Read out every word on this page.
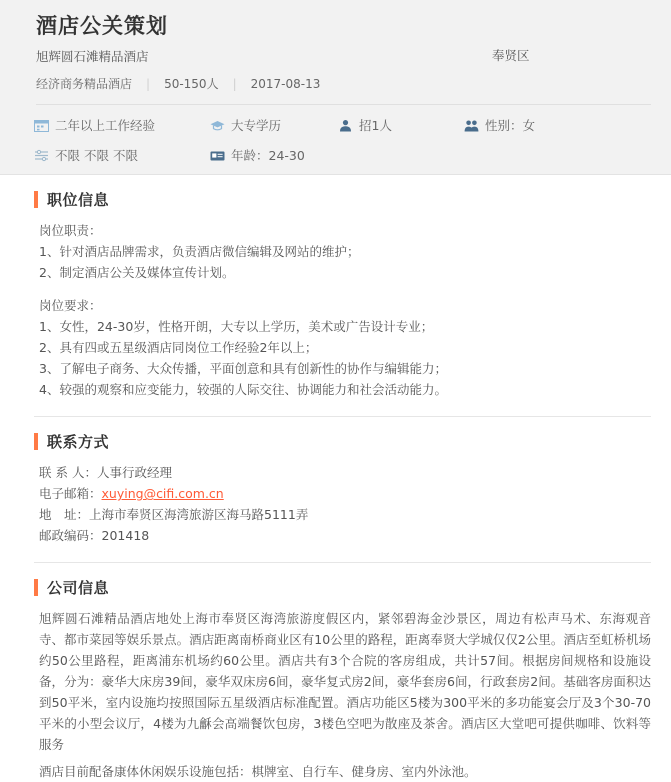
酒店公关策划
旭辉圆石滩精品酒店
经济商务精品酒店 | 50-150人 | 2017-08-13
奉贤区
二年以上工作经验	大专学历	招1人	性别：女
不限 不限 不限	年龄：24-30
职位信息

岗位职责：

1、针对酒店品牌需求，负责酒店微信编辑及网站的维护；

2、制定酒店公关及媒体宣传计划。

岗位要求：

1、女性，24-30岁，性格开朗，大专以上学历，美术或广告设计专业；

2、具有四或五星级酒店同岗位工作经验2年以上；

3、了解电子商务、大众传播，平面创意和具有创新性的协作与编辑能力；

4、较强的观察和应变能力，较强的人际交往、协调能力和社会活动能力。

联系方式
联 系 人：人事行政经理
电子邮箱：xuying@cifi.com.cn
地　址：上海市奉贤区海湾旅游区海马路5111弄
邮政编码：201418
公司信息
旭辉圆石滩精品酒店地处上海市奉贤区海湾旅游度假区内，紧邻碧海金沙景区，周边有松声马术、东海观音寺、都市菜园等娱乐景点。酒店距离南桥商业区有10公里的路程，距离奉贤大学城仅仅2公里。酒店至虹桥机场约50公里路程，距离浦东机场约60公里。酒店共有3个合院的客房组成，共计57间。根据房间规格和设施设备，分为：豪华大床房39间，豪华双床房6间，豪华复式房2间，豪华套房6间，行政套房2间。基础客房面积达到50平米，室内设施均按照国际五星级酒店标准配置。酒店功能区5楼为300平米的多功能宴会厅及3个30-70平米的小型会议厅，4楼为九龢会高端餐饮包房，3楼色空吧为散座及茶舍。酒店区大堂吧可提供咖啡、饮料等服务
酒店目前配备康体休闲娱乐设施包括：棋牌室、自行车、健身房、室内外泳池。
